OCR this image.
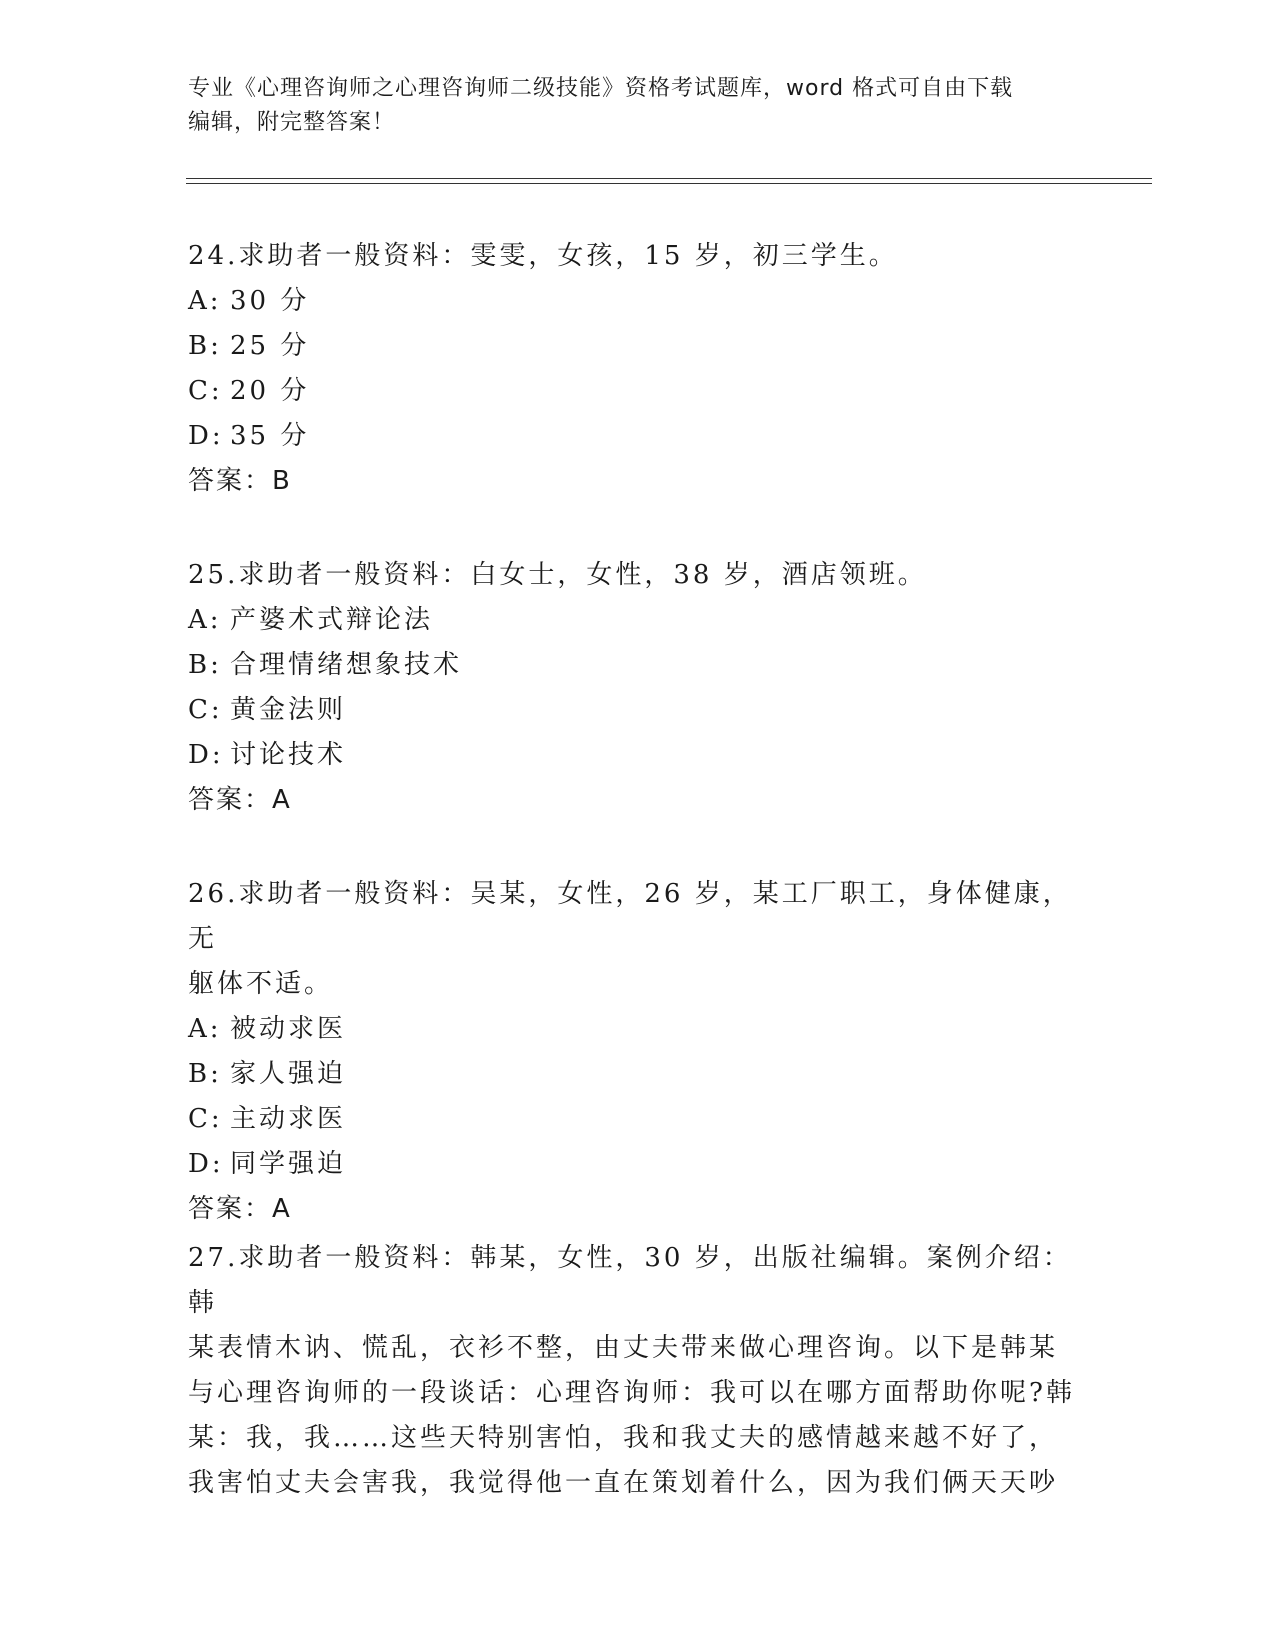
专业《心理咨询师之心理咨询师二级技能》资格考试题库，word 格式可自由下载
编辑，附完整答案！

24.求助者一般资料：雯雯，女孩，15 岁，初三学生。

A: 30 分

B: 25 分

C: 20 分

D: 35 分

答案：B

25.求助者一般资料：白女士，女性，38 岁，酒店领班。

A: 产婆术式辩论法

B: 合理情绪想象技术

C: 黄金法则

D: 讨论技术

答案：A

26.求助者一般资料：吴某，女性，26 岁，某工厂职工，身体健康，无

躯体不适。

A: 被动求医

B: 家人强迫

C: 主动求医

D: 同学强迫

答案：A

27.求助者一般资料：韩某，女性，30 岁，出版社编辑。案例介绍：韩

某表情木讷、慌乱，衣衫不整，由丈夫带来做心理咨询。以下是韩某

与心理咨询师的一段谈话：心理咨询师：我可以在哪方面帮助你呢?韩

某：我，我……这些天特别害怕，我和我丈夫的感情越来越不好了，

我害怕丈夫会害我，我觉得他一直在策划着什么，因为我们俩天天吵
